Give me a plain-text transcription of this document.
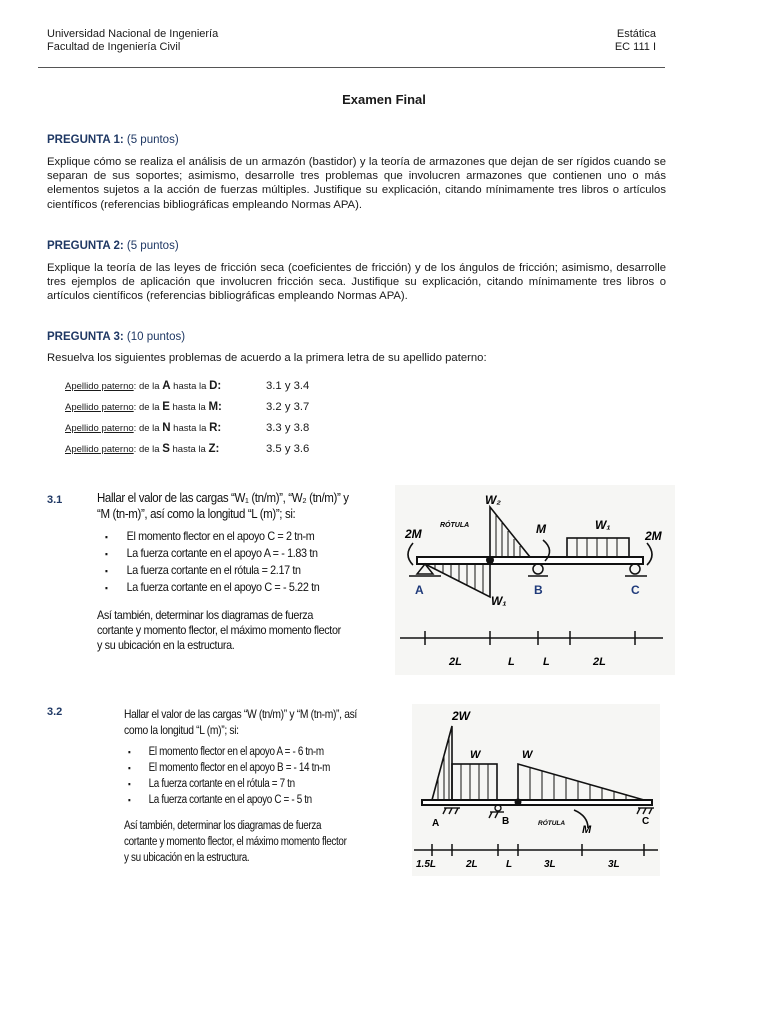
Universidad Nacional de Ingeniería
Facultad de Ingeniería Civil
Estática
EC 111 I
Examen Final
PREGUNTA 1: (5 puntos)
Explique cómo se realiza el análisis de un armazón (bastidor) y la teoría de armazones que dejan de ser rígidos cuando se separan de sus soportes; asimismo, desarrolle tres problemas que involucren armazones que contienen uno o más elementos sujetos a la acción de fuerzas múltiples. Justifique su explicación, citando mínimamente tres libros o artículos científicos (referencias bibliográficas empleando Normas APA).
PREGUNTA 2: (5 puntos)
Explique la teoría de las leyes de fricción seca (coeficientes de fricción) y de los ángulos de fricción; asimismo, desarrolle tres ejemplos de aplicación que involucren fricción seca. Justifique su explicación, citando mínimamente tres libros o artículos científicos (referencias bibliográficas empleando Normas APA).
PREGUNTA 3: (10 puntos)
Resuelva los siguientes problemas de acuerdo a la primera letra de su apellido paterno:
Apellido paterno: de la A hasta la D:	3.1 y 3.4
Apellido paterno: de la E hasta la M:	3.2 y 3.7
Apellido paterno: de la N hasta la R:	3.3 y 3.8
Apellido paterno: de la S hasta la Z:	3.5 y 3.6
3.1	Hallar el valor de las cargas “W₁ (tn/m)”, “W₂ (tn/m)” y
“M (tn-m)”, así como la longitud “L (m)”; si:
▪ El momento flector en el apoyo C = 2 tn-m
▪ La fuerza cortante en el apoyo A = - 1.83 tn
▪ La fuerza cortante en el rótula = 2.17 tn
▪ La fuerza cortante en el apoyo C = - 5.22 tn
Así también, determinar los diagramas de fuerza
cortante y momento flector, el máximo momento flector
y su ubicación en la estructura.
2M	2M
W₂
W₁
W₁
RÓTULA	M
A	B	C
2L	L	L	2L
3.2	Hallar el valor de las cargas “W (tn/m)” y “M (tn-m)”, así
como la longitud “L (m)”; si:
▪ El momento flector en el apoyo A = - 6 tn-m
▪ El momento flector en el apoyo B = - 14 tn-m
▪ La fuerza cortante en el rótula = 7 tn
▪ La fuerza cortante en el apoyo C = - 5 tn
Así también, determinar los diagramas de fuerza
cortante y momento flector, el máximo momento flector
y su ubicación en la estructura.
2W
W	W
RÓTULA
M
A	B	C
1.5L	2L	L	3L	3L
